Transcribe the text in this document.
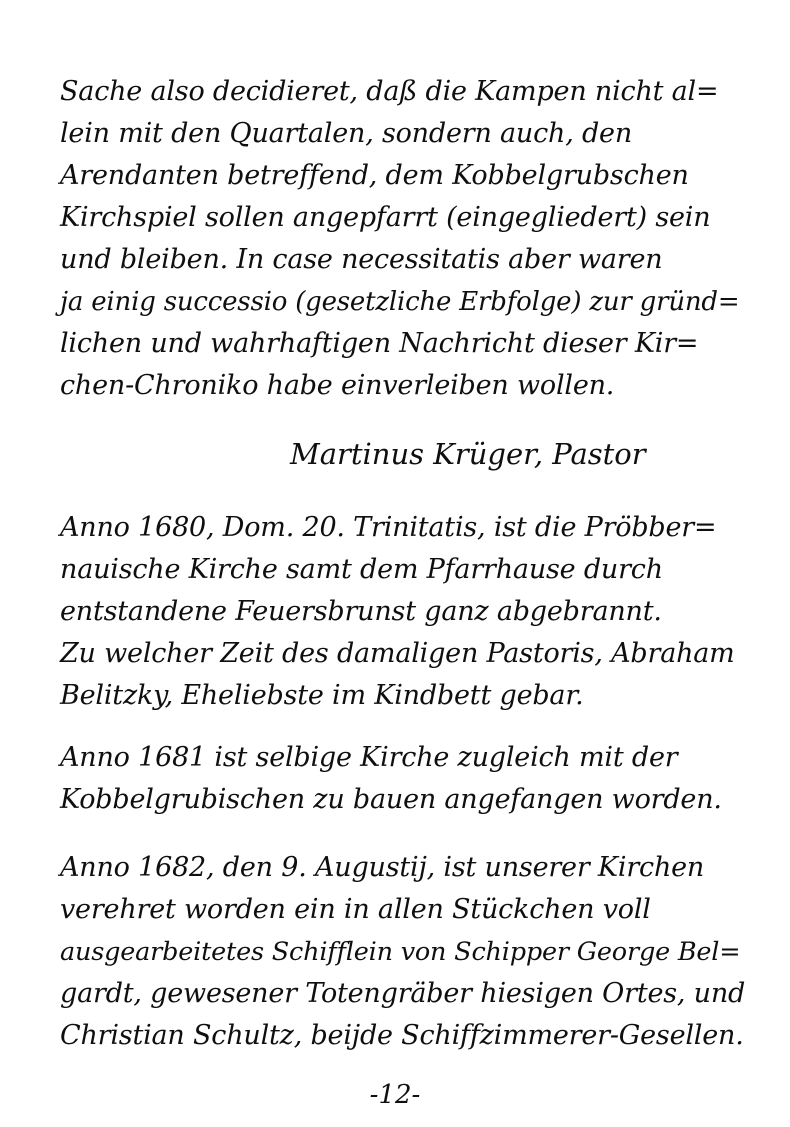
Sache also decidieret, daß die Kampen nicht al=
lein mit den Quartalen, sondern auch, den
Arendanten betreffend, dem Kobbelgrubschen
Kirchspiel sollen angepfarrt (eingegliedert) sein
und bleiben. In case necessitatis aber waren
ja einig successio (gesetzliche Erbfolge) zur gründ=
lichen und wahrhaftigen Nachricht dieser Kir=
chen-Chroniko habe einverleiben wollen.
Martinus Krüger, Pastor
Anno 1680, Dom. 20. Trinitatis, ist die Pröbber=
nauische Kirche samt dem Pfarrhause durch
entstandene Feuersbrunst ganz abgebrannt.
Zu welcher Zeit des damaligen Pastoris, Abraham
Belitzky, Eheliebste im Kindbett gebar.
Anno 1681 ist selbige Kirche zugleich mit der
Kobbelgrubischen zu bauen angefangen worden.
Anno 1682, den 9. Augustij, ist unserer Kirchen
verehret worden ein in allen Stückchen voll
ausgearbeitetes Schifflein von Schipper George Bel=
gardt, gewesener Totengräber hiesigen Ortes, und
Christian Schultz, beijde Schiffzimmerer-Gesellen.
-12-
